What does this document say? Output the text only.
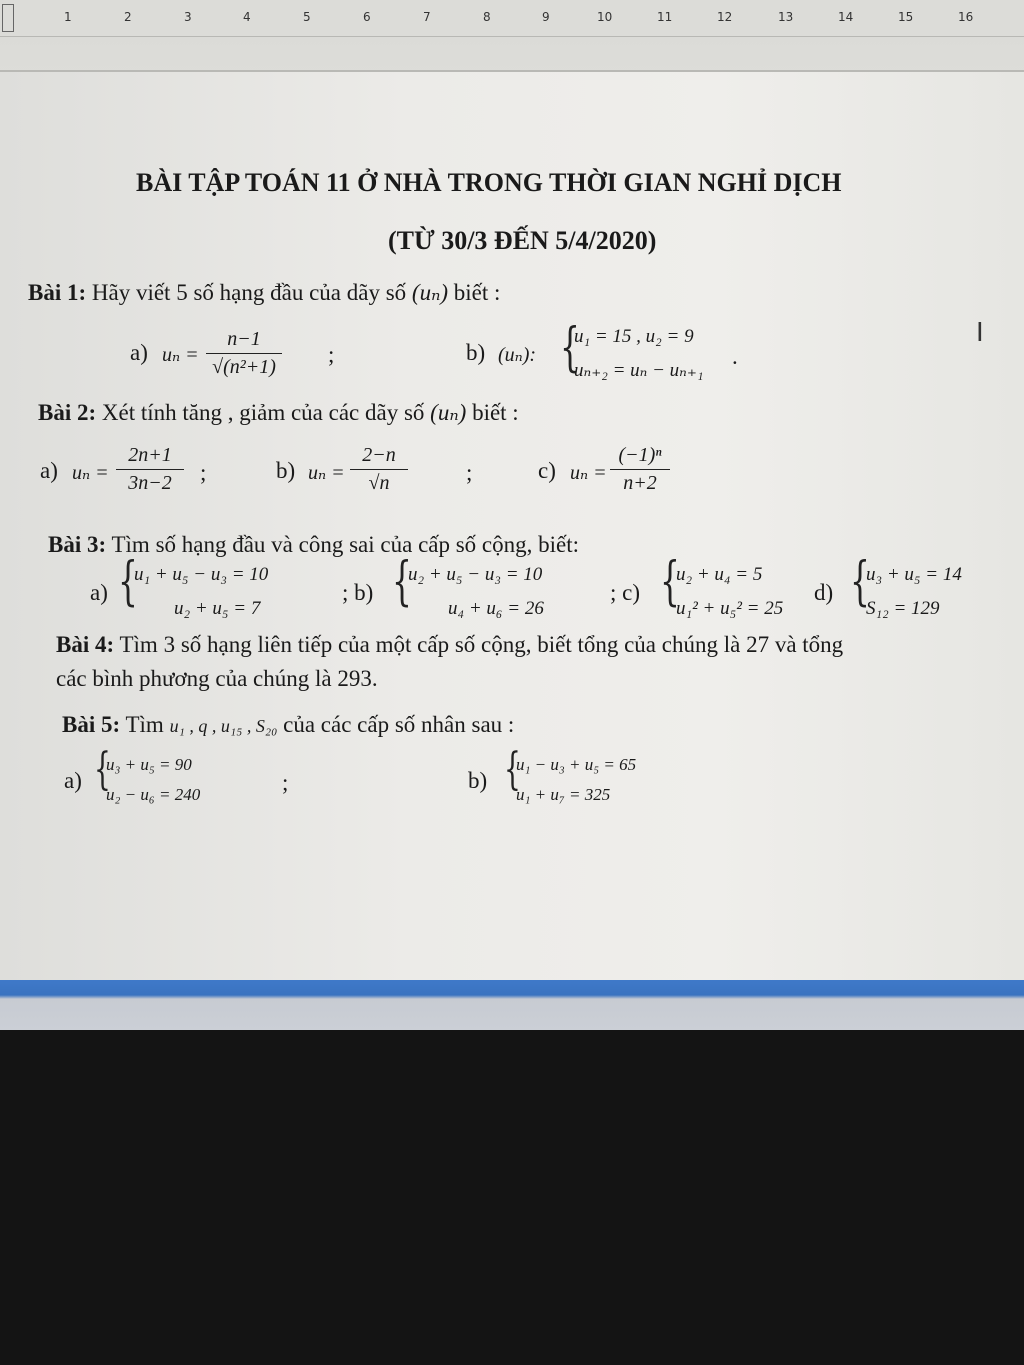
1	2	3	4	5	6	7	8	9	10	11	12	13	14	15	16
BÀI TẬP TOÁN 11 Ở NHÀ TRONG THỜI GIAN NGHỈ DỊCH
(TỪ 30/3 ĐẾN 5/4/2020)
Bài 1: Hãy viết 5 số hạng đầu của dãy số (uₙ) biết :
a) $u_n = \frac{n-1}{\text{√(n²+1)}}$ ;	b) (uₙ): {
u₁ = 15 , u₂ = 9
uₙ₊₂ = uₙ − uₙ₊₁
.
Bài 2: Xét tính tăng , giảm của các dãy số (uₙ) biết :
a) $u_n = \frac{2n+1}{3n-2}$ ;	b) $u_n = \frac{2-n}{√n}$	;	c) $u_n = \frac{\text{(−1)ⁿ}}{n+2}$
Bài 3: Tìm số hạng đầu và công sai của cấp số cộng, biết:
a) {
u₁ + u₅ − u₃ = 10
u₂ + u₅ = 7
; b) {
u₂ + u₅ − u₃ = 10
u₄ + u₆ = 26
; c) {
u₂ + u₄ = 5
u₁² + u₅² = 25
d) {
u₃ + u₅ = 14
S₁₂ = 129
Bài 4: Tìm 3 số hạng liên tiếp của một cấp số cộng, biết tổng của chúng là 27 và tổng
các bình phương của chúng là 293.
Bài 5: Tìm u₁ , q , u₁₅ , S₂₀ của các cấp số nhân sau :
a) {
u₃ + u₅ = 90
u₂ − u₆ = 240	;	b) {
u₁ − u₃ + u₅ = 65
u₁ + u₇ = 325
I
